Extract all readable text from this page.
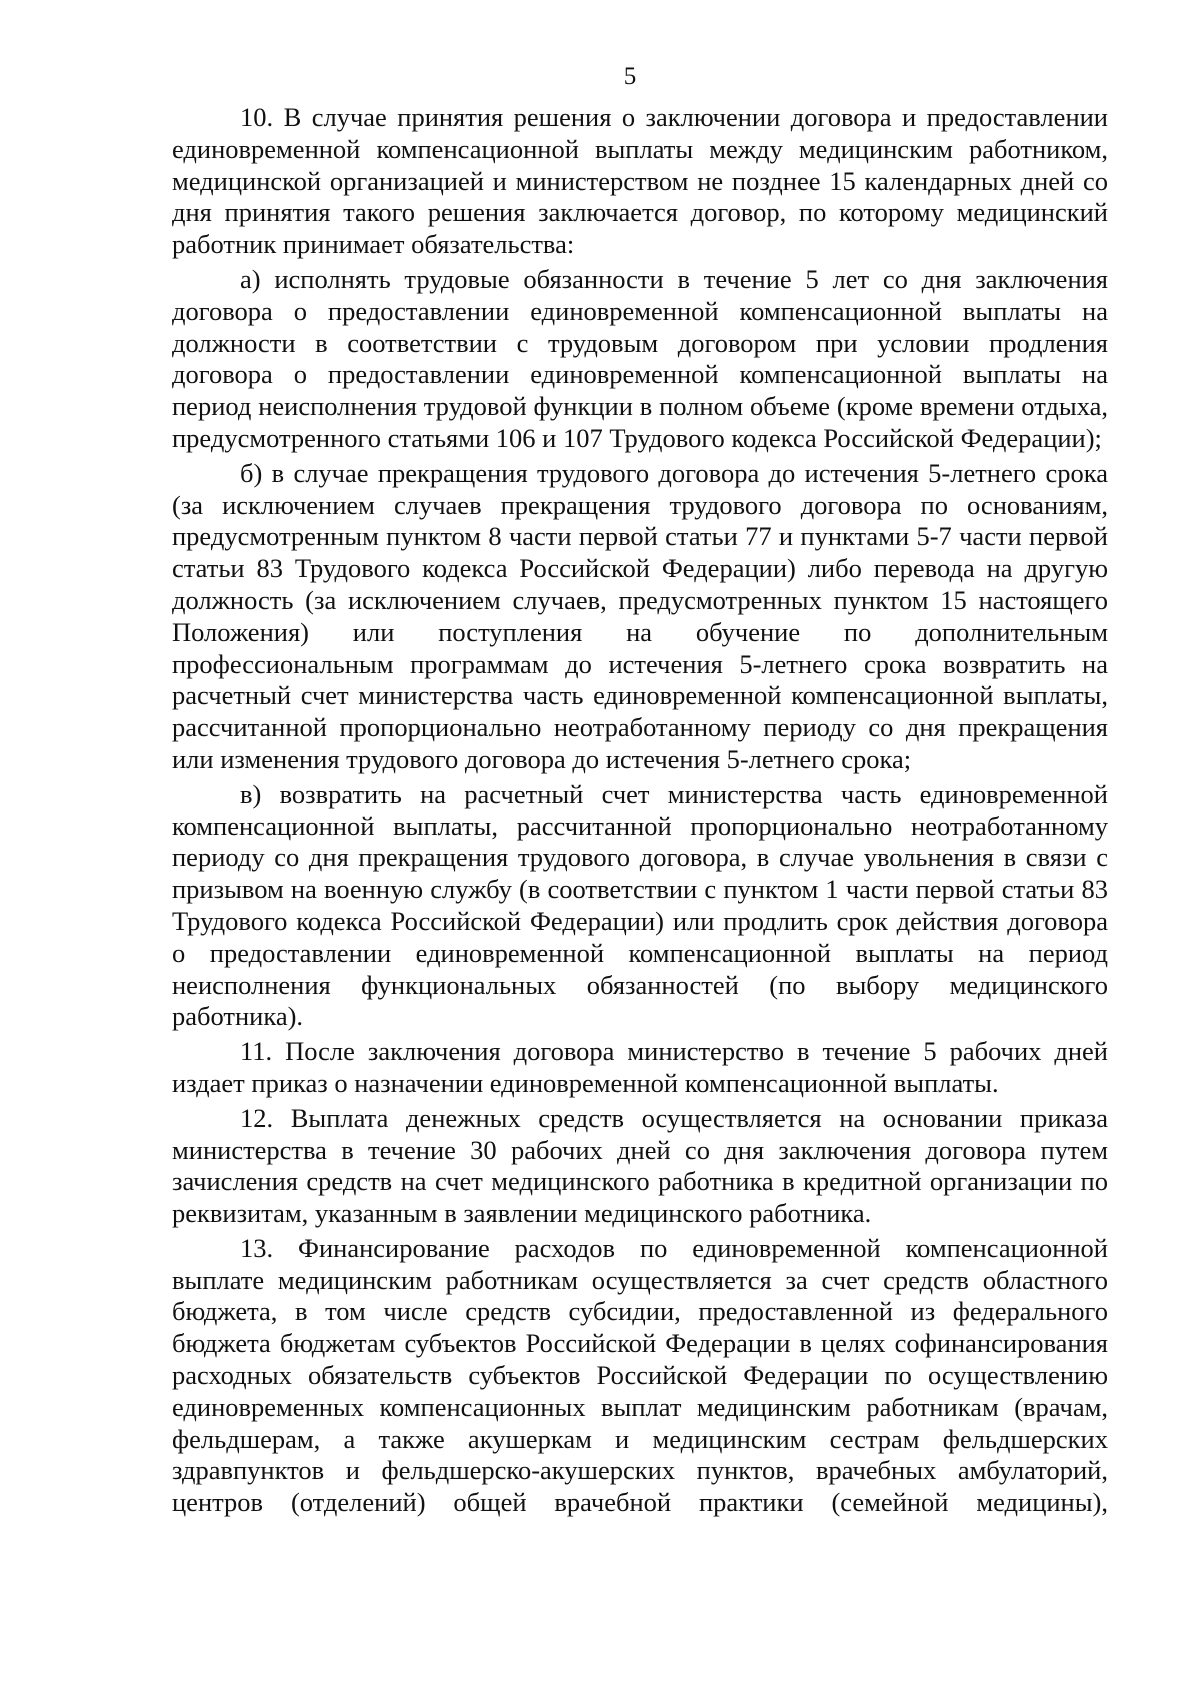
5

10. В случае принятия решения о заключении договора и предоставлении единовременной компенсационной выплаты между медицинским работником, медицинской организацией и министерством не позднее 15 календарных дней со дня принятия такого решения заключается договор, по которому медицинский работник принимает обязательства:

а) исполнять трудовые обязанности в течение 5 лет со дня заключения договора о предоставлении единовременной компенсационной выплаты на должности в соответствии с трудовым договором при условии продления договора о предоставлении единовременной компенсационной выплаты на период неисполнения трудовой функции в полном объеме (кроме времени отдыха, предусмотренного статьями 106 и 107 Трудового кодекса Российской Федерации);

б) в случае прекращения трудового договора до истечения 5-летнего срока (за исключением случаев прекращения трудового договора по основаниям, предусмотренным пунктом 8 части первой статьи 77 и пунктами 5-7 части первой статьи 83 Трудового кодекса Российской Федерации) либо перевода на другую должность (за исключением случаев, предусмотренных пунктом 15 настоящего Положения) или поступления на обучение по дополнительным профессиональным программам до истечения 5-летнего срока возвратить на расчетный счет министерства часть единовременной компенсационной выплаты, рассчитанной пропорционально неотработанному периоду со дня прекращения или изменения трудового договора до истечения 5-летнего срока;

в) возвратить на расчетный счет министерства часть единовременной компенсационной выплаты, рассчитанной пропорционально неотработанному периоду со дня прекращения трудового договора, в случае увольнения в связи с призывом на военную службу (в соответствии с пунктом 1 части первой статьи 83 Трудового кодекса Российской Федерации) или продлить срок действия договора о предоставлении единовременной компенсационной выплаты на период неисполнения функциональных обязанностей (по выбору медицинского работника).

11. После заключения договора министерство в течение 5 рабочих дней издает приказ о назначении единовременной компенсационной выплаты.

12. Выплата денежных средств осуществляется на основании приказа министерства в течение 30 рабочих дней со дня заключения договора путем зачисления средств на счет медицинского работника в кредитной организации по реквизитам, указанным в заявлении медицинского работника.

13. Финансирование расходов по единовременной компенсационной выплате медицинским работникам осуществляется за счет средств областного бюджета, в том числе средств субсидии, предоставленной из федерального бюджета бюджетам субъектов Российской Федерации в целях софинансирования расходных обязательств субъектов Российской Федерации по осуществлению единовременных компенсационных выплат медицинским работникам (врачам, фельдшерам, а также акушеркам и медицинским сестрам фельдшерских здравпунктов и фельдшерско-акушерских пунктов, врачебных амбулаторий, центров (отделений) общей врачебной практики (семейной медицины),
